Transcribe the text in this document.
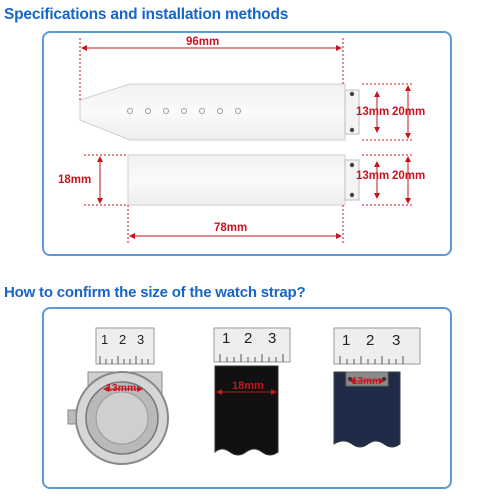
Specifications and installation methods
How to confirm the size of the watch strap?
96mm
78mm
18mm
13mm 20mm
13mm 20mm
1 2 3	1 2 3	1 2 3
13mm	18mm	13mm
